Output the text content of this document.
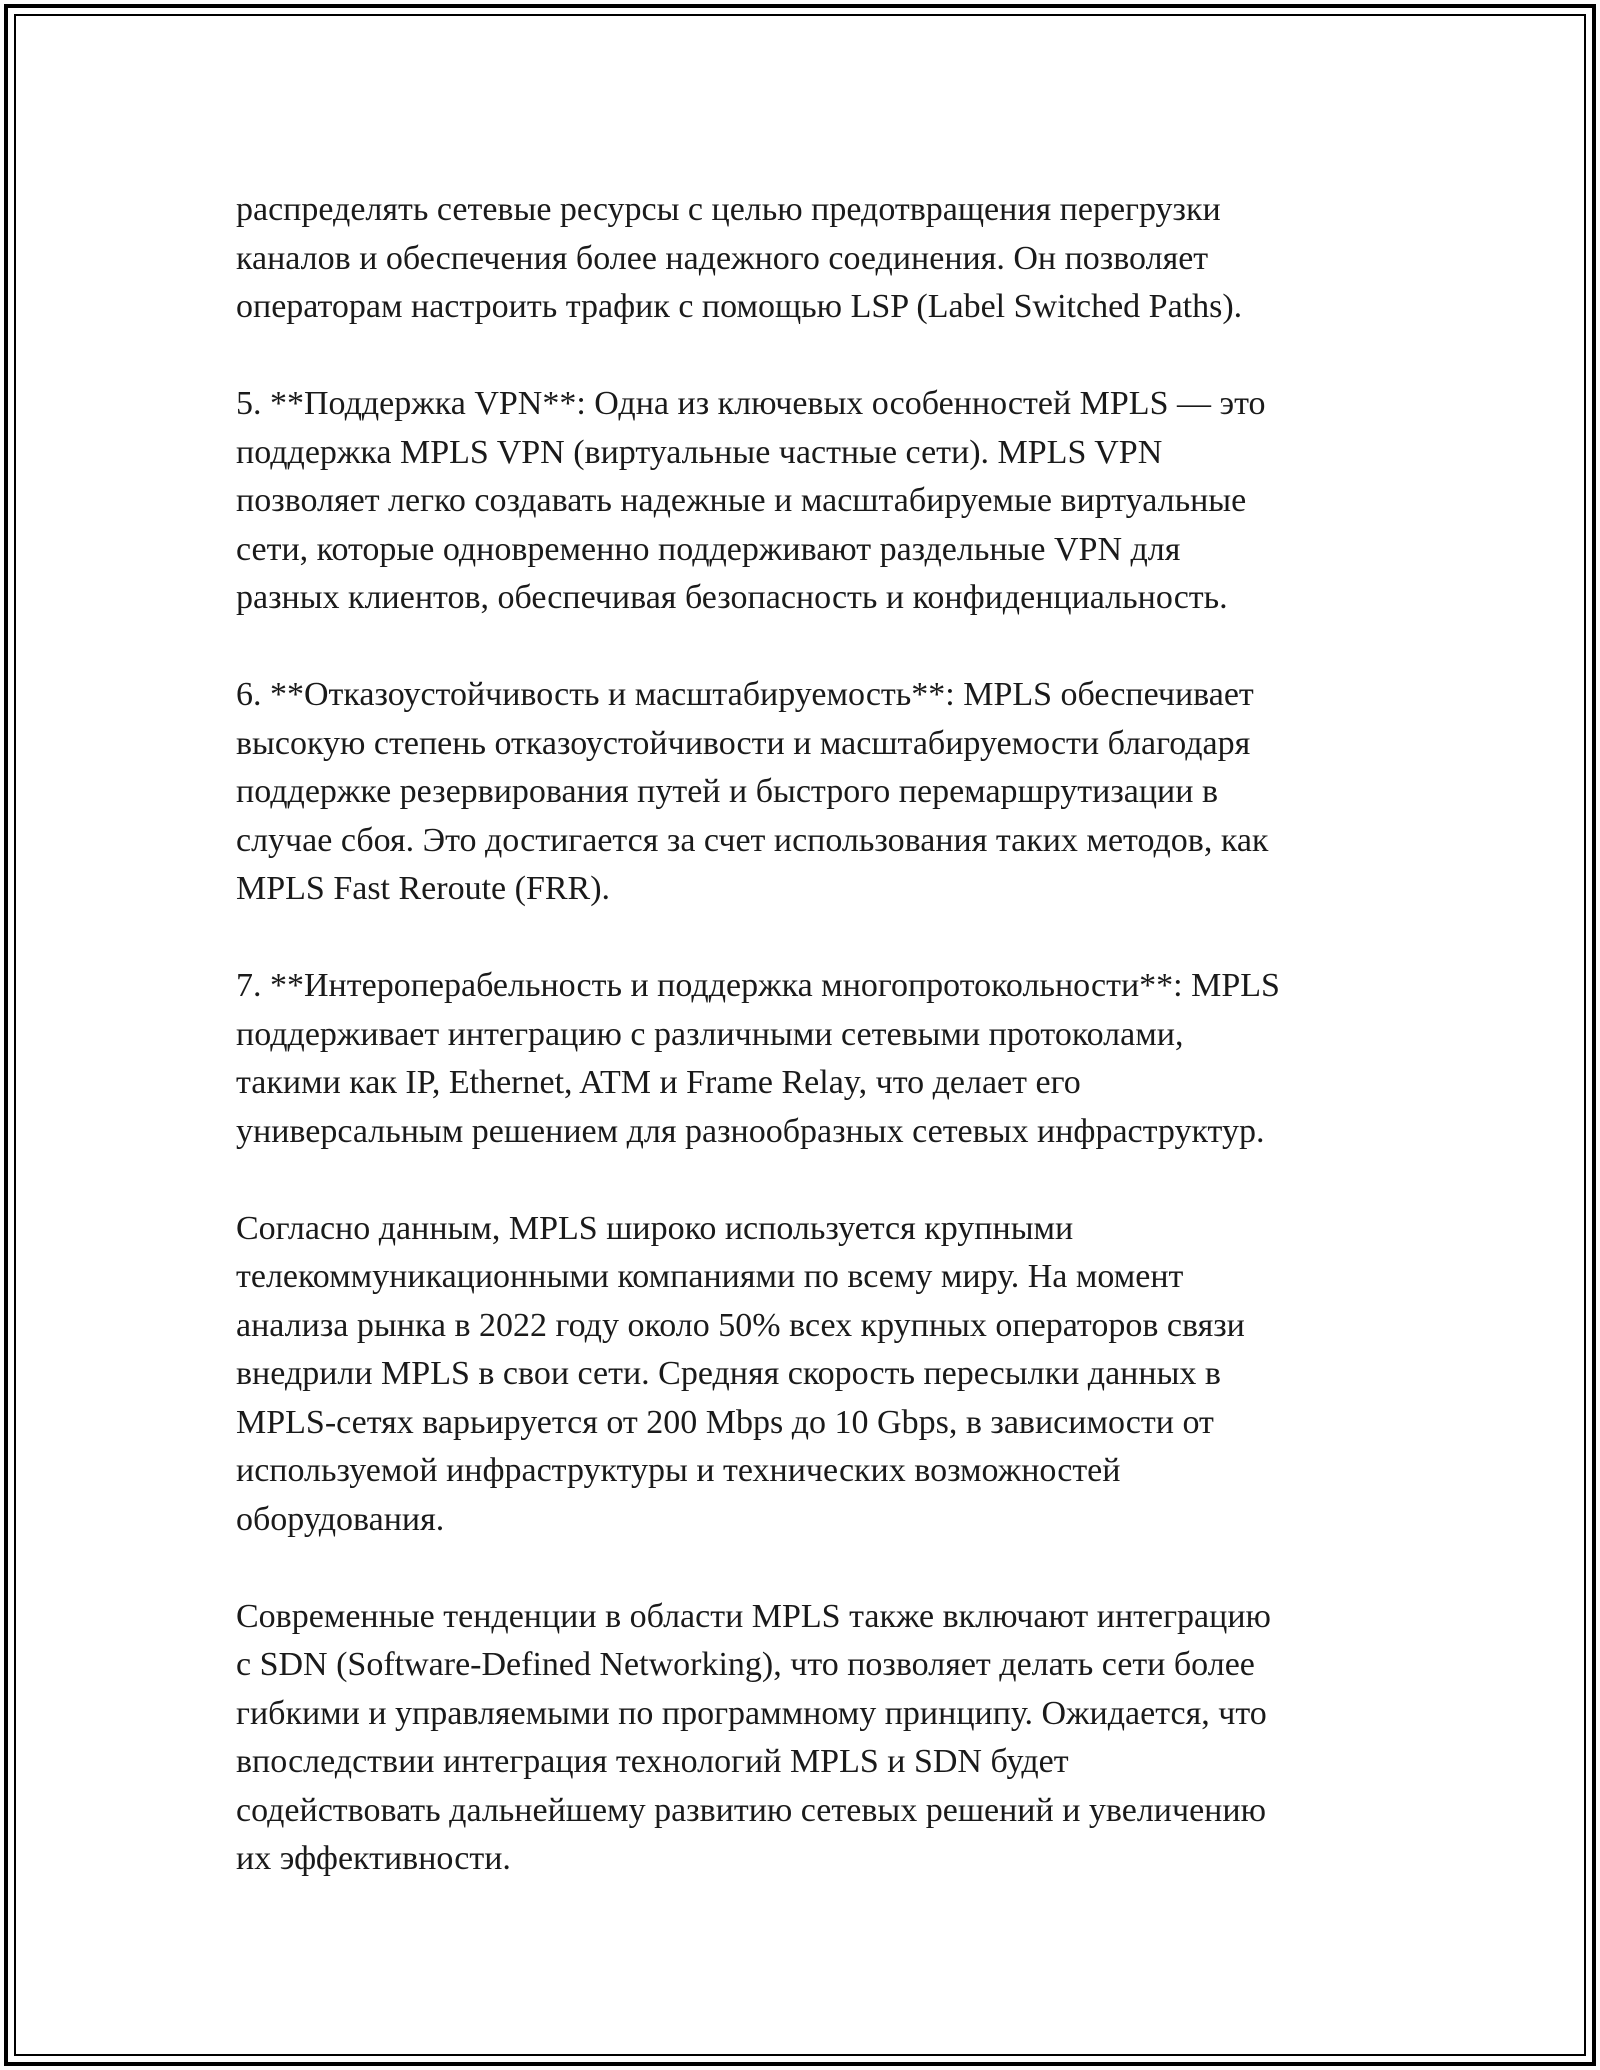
распределять сетевые ресурсы с целью предотвращения перегрузки
каналов и обеспечения более надежного соединения. Он позволяет
операторам настроить трафик с помощью LSP (Label Switched Paths).

5. **Поддержка VPN**: Одна из ключевых особенностей MPLS — это
поддержка MPLS VPN (виртуальные частные сети). MPLS VPN
позволяет легко создавать надежные и масштабируемые виртуальные
сети, которые одновременно поддерживают раздельные VPN для
разных клиентов, обеспечивая безопасность и конфиденциальность.

6. **Отказоустойчивость и масштабируемость**: MPLS обеспечивает
высокую степень отказоустойчивости и масштабируемости благодаря
поддержке резервирования путей и быстрого перемаршрутизации в
случае сбоя. Это достигается за счет использования таких методов, как
MPLS Fast Reroute (FRR).

7. **Интероперабельность и поддержка многопротокольности**: MPLS
поддерживает интеграцию с различными сетевыми протоколами,
такими как IP, Ethernet, ATM и Frame Relay, что делает его
универсальным решением для разнообразных сетевых инфраструктур.

Согласно данным, MPLS широко используется крупными
телекоммуникационными компаниями по всему миру. На момент
анализа рынка в 2022 году около 50% всех крупных операторов связи
внедрили MPLS в свои сети. Средняя скорость пересылки данных в
MPLS-сетях варьируется от 200 Mbps до 10 Gbps, в зависимости от
используемой инфраструктуры и технических возможностей
оборудования.

Современные тенденции в области MPLS также включают интеграцию
с SDN (Software-Defined Networking), что позволяет делать сети более
гибкими и управляемыми по программному принципу. Ожидается, что
впоследствии интеграция технологий MPLS и SDN будет
содействовать дальнейшему развитию сетевых решений и увеличению
их эффективности.
